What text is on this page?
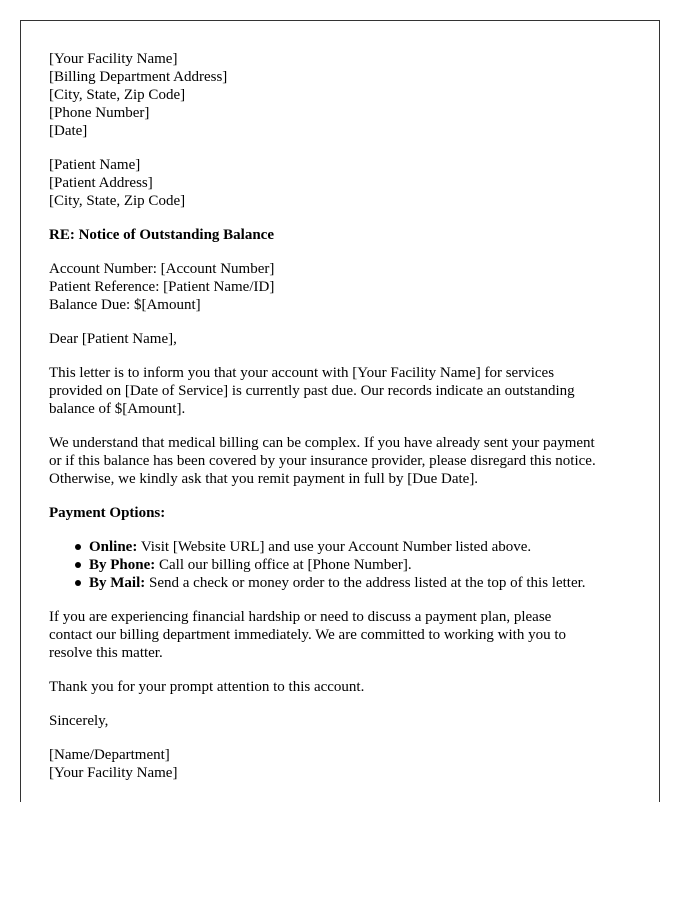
[Your Facility Name]
[Billing Department Address]
[City, State, Zip Code]
[Phone Number]
[Date]
[Patient Name]
[Patient Address]
[City, State, Zip Code]
RE: Notice of Outstanding Balance
Account Number: [Account Number]
Patient Reference: [Patient Name/ID]
Balance Due: $[Amount]
Dear [Patient Name],
This letter is to inform you that your account with [Your Facility Name] for services
provided on [Date of Service] is currently past due. Our records indicate an outstanding
balance of $[Amount].
We understand that medical billing can be complex. If you have already sent your payment
or if this balance has been covered by your insurance provider, please disregard this notice.
Otherwise, we kindly ask that you remit payment in full by [Due Date].
Payment Options:
Online: Visit [Website URL] and use your Account Number listed above.
By Phone: Call our billing office at [Phone Number].
By Mail: Send a check or money order to the address listed at the top of this letter.
If you are experiencing financial hardship or need to discuss a payment plan, please
contact our billing department immediately. We are committed to working with you to
resolve this matter.
Thank you for your prompt attention to this account.
Sincerely,
[Name/Department]
[Your Facility Name]
